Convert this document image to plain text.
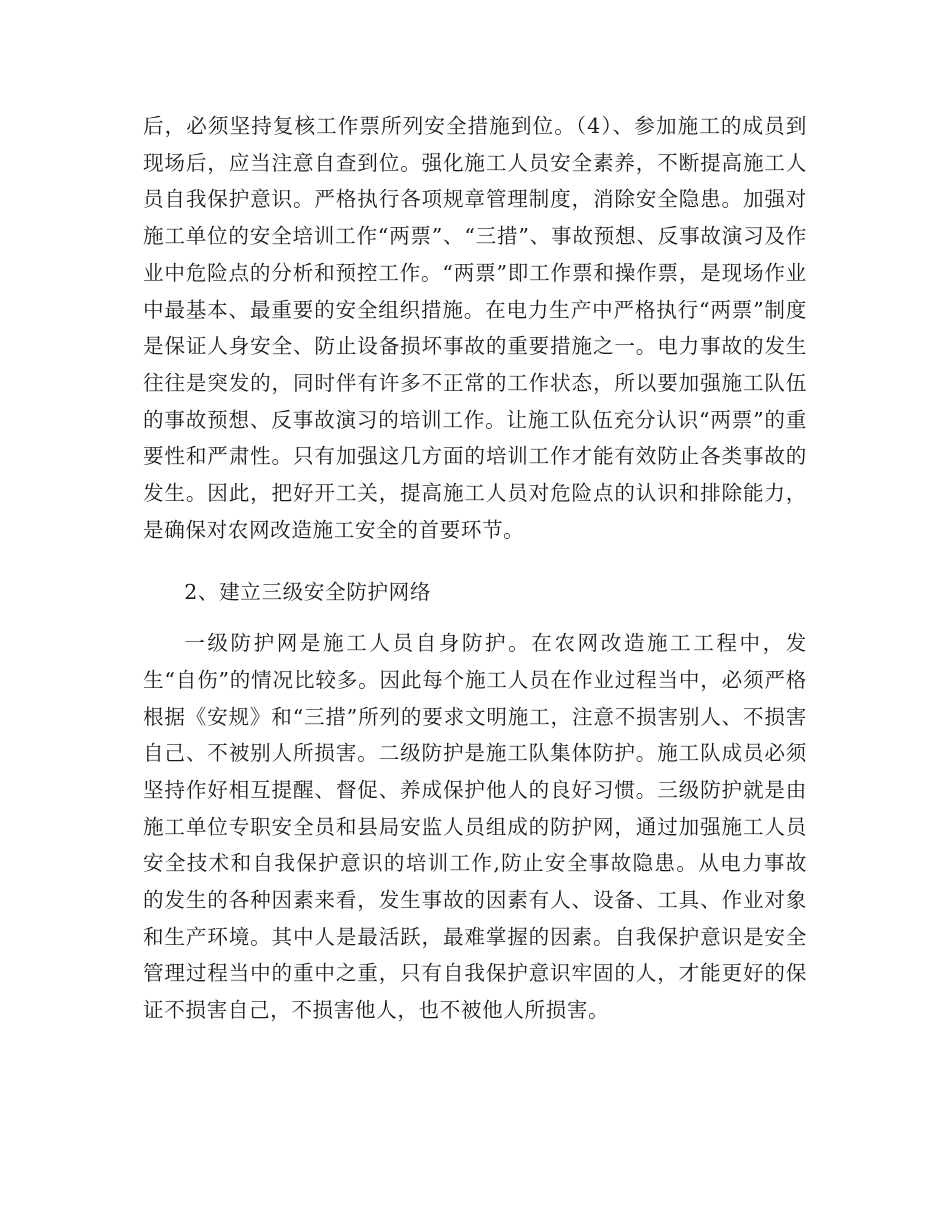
后，必须坚持复核工作票所列安全措施到位。（4）、参加施工的成员到现场后，应当注意自查到位。强化施工人员安全素养，不断提高施工人员自我保护意识。严格执行各项规章管理制度，消除安全隐患。加强对施工单位的安全培训工作“两票”、“三措”、事故预想、反事故演习及作业中危险点的分析和预控工作。“两票”即工作票和操作票，是现场作业中最基本、最重要的安全组织措施。在电力生产中严格执行“两票”制度是保证人身安全、防止设备损坏事故的重要措施之一。电力事故的发生往往是突发的，同时伴有许多不正常的工作状态，所以要加强施工队伍的事故预想、反事故演习的培训工作。让施工队伍充分认识“两票”的重要性和严肃性。只有加强这几方面的培训工作才能有效防止各类事故的发生。因此，把好开工关，提高施工人员对危险点的认识和排除能力，是确保对农网改造施工安全的首要环节。

2、建立三级安全防护网络

一级防护网是施工人员自身防护。在农网改造施工工程中，发生“自伤”的情况比较多。因此每个施工人员在作业过程当中，必须严格根据《安规》和“三措”所列的要求文明施工，注意不损害别人、不损害自己、不被别人所损害。二级防护是施工队集体防护。施工队成员必须坚持作好相互提醒、督促、养成保护他人的良好习惯。三级防护就是由施工单位专职安全员和县局安监人员组成的防护网，通过加强施工人员安全技术和自我保护意识的培训工作,防止安全事故隐患。从电力事故的发生的各种因素来看，发生事故的因素有人、设备、工具、作业对象和生产环境。其中人是最活跃，最难掌握的因素。自我保护意识是安全管理过程当中的重中之重，只有自我保护意识牢固的人，才能更好的保证不损害自己，不损害他人，也不被他人所损害。
